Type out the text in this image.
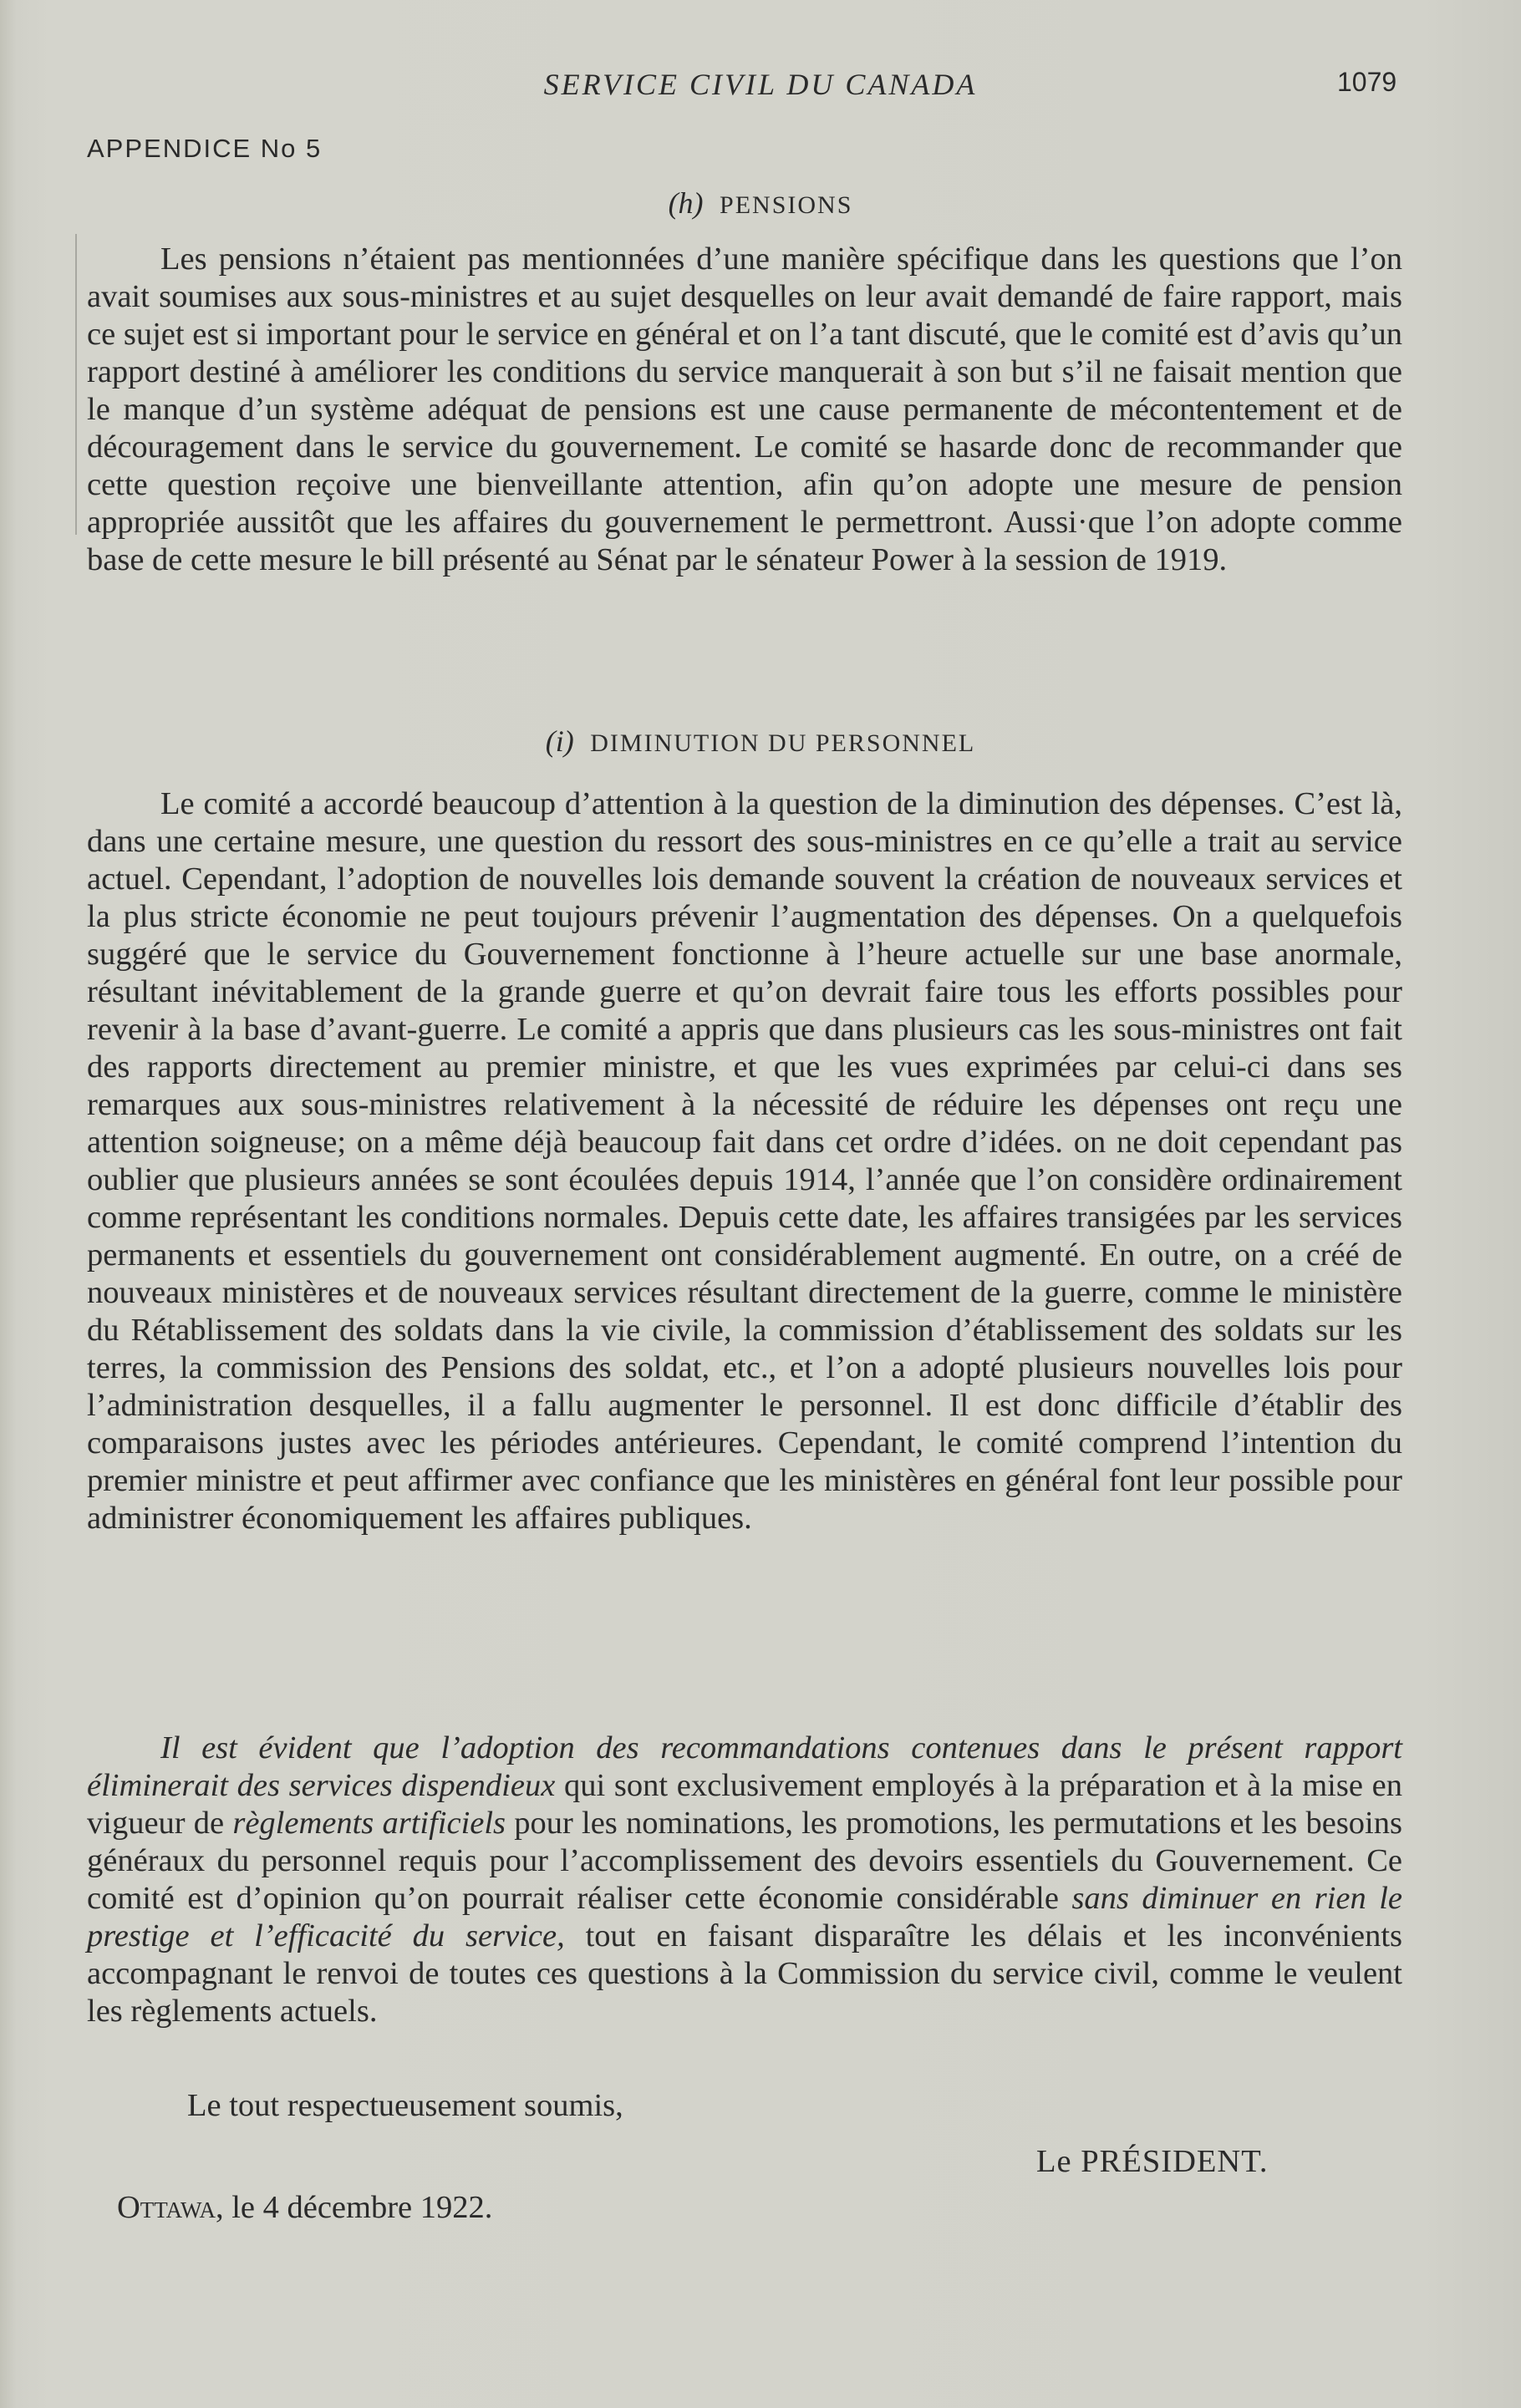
SERVICE CIVIL DU CANADA	1079
APPENDICE No 5
(h) PENSIONS

Les pensions n’étaient pas mentionnées d’une manière spécifique dans les questions que l’on avait soumises aux sous-ministres et au sujet desquelles on leur avait demandé de faire rapport, mais ce sujet est si important pour le service en général et on l’a tant discuté, que le comité est d’avis qu’un rapport destiné à améliorer les conditions du service manquerait à son but s’il ne faisait mention que le manque d’un système adéquat de pensions est une cause permanente de mécontentement et de découragement dans le service du gouvernement. Le comité se hasarde donc de recommander que cette question reçoive une bienveillante attention, afin qu’on adopte une mesure de pension appropriée aussitôt que les affaires du gouvernement le permettront. Aussi·que l’on adopte comme base de cette mesure le bill présenté au Sénat par le sénateur Power à la session de 1919.

(i) DIMINUTION DU PERSONNEL

Le comité a accordé beaucoup d’attention à la question de la diminution des dépenses. C’est là, dans une certaine mesure, une question du ressort des sous-ministres en ce qu’elle a trait au service actuel. Cependant, l’adoption de nouvelles lois demande souvent la création de nouveaux services et la plus stricte économie ne peut toujours prévenir l’augmentation des dépenses. On a quelquefois suggéré que le service du Gouvernement fonctionne à l’heure actuelle sur une base anormale, résultant inévitablement de la grande guerre et qu’on devrait faire tous les efforts possibles pour revenir à la base d’avant-guerre. Le comité a appris que dans plusieurs cas les sous-ministres ont fait des rapports directement au premier ministre, et que les vues exprimées par celui-ci dans ses remarques aux sous-ministres relativement à la nécessité de réduire les dépenses ont reçu une attention soigneuse; on a même déjà beaucoup fait dans cet ordre d’idées. on ne doit cependant pas oublier que plusieurs années se sont écoulées depuis 1914, l’année que l’on considère ordinairement comme représentant les conditions normales. Depuis cette date, les affaires transigées par les services permanents et essentiels du gouvernement ont considérablement augmenté. En outre, on a créé de nouveaux ministères et de nouveaux services résultant directement de la guerre, comme le ministère du Rétablissement des soldats dans la vie civile, la commission d’établissement des soldats sur les terres, la commission des Pensions des soldat, etc., et l’on a adopté plusieurs nouvelles lois pour l’administration desquelles, il a fallu augmenter le personnel. Il est donc difficile d’établir des comparaisons justes avec les périodes antérieures. Cependant, le comité comprend l’intention du premier ministre et peut affirmer avec confiance que les ministères en général font leur possible pour administrer économiquement les affaires publiques.

Il est évident que l’adoption des recommandations contenues dans le présent rapport éliminerait des services dispendieux qui sont exclusivement employés à la préparation et à la mise en vigueur de règlements artificiels pour les nominations, les promotions, les permutations et les besoins généraux du personnel requis pour l’accomplissement des devoirs essentiels du Gouvernement. Ce comité est d’opinion qu’on pourrait réaliser cette économie considérable sans diminuer en rien le prestige et l’efficacité du service, tout en faisant disparaître les délais et les inconvénients accompagnant le renvoi de toutes ces questions à la Commission du service civil, comme le veulent les règlements actuels.

Le tout respectueusement soumis,
Le PRÉSIDENT.
Ottawa, le 4 décembre 1922.
